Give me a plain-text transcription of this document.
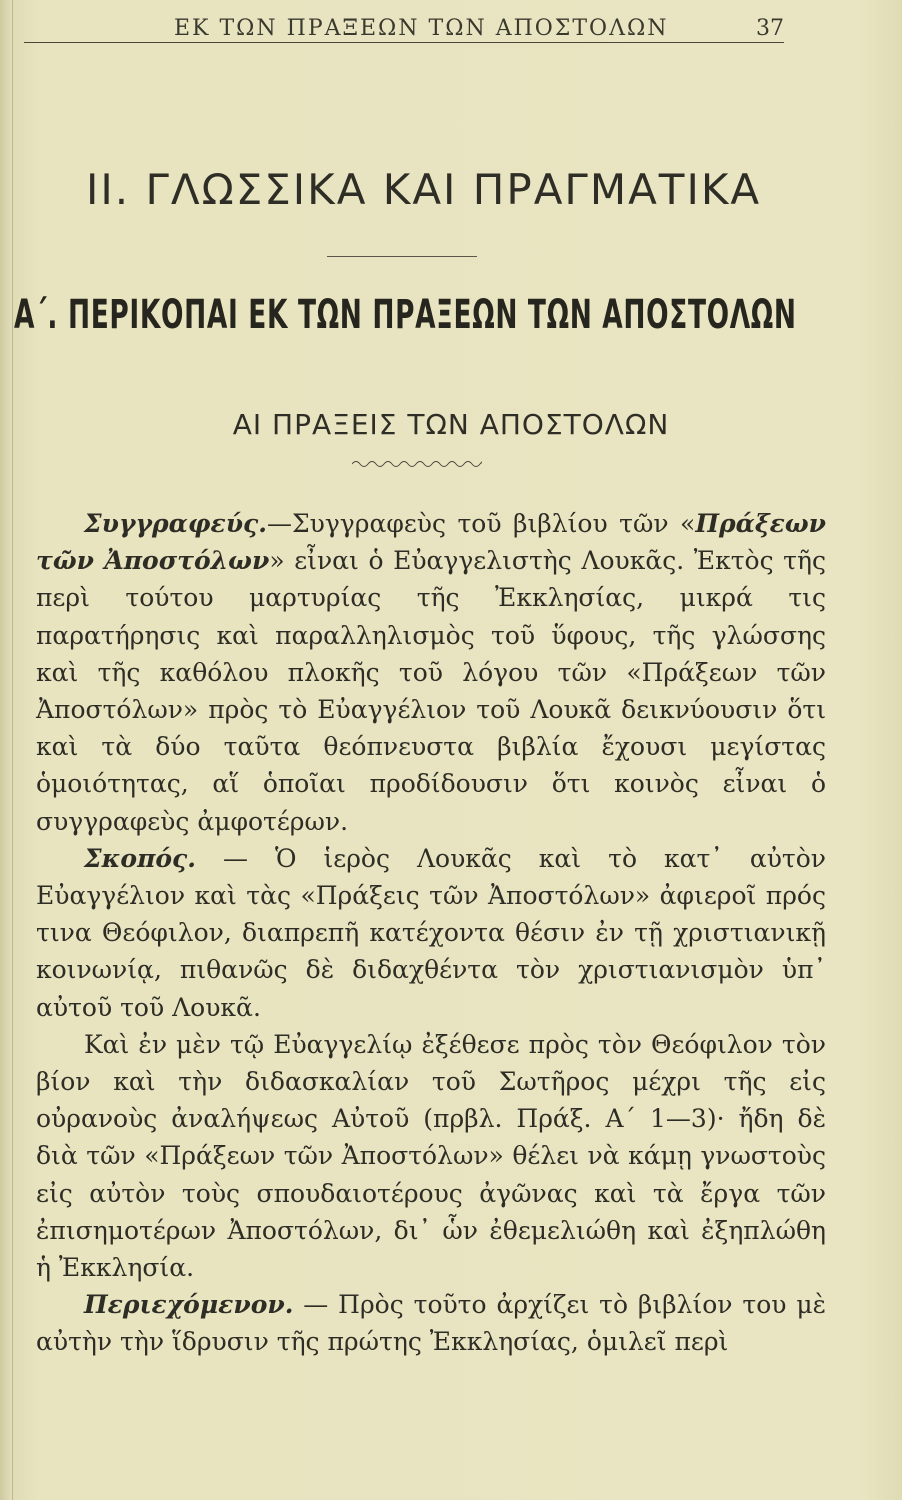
ΕΚ ΤΩΝ ΠΡΑΞΕΩΝ ΤΩΝ ΑΠΟΣΤΟΛΩΝ	37
II. ΓΛΩΣΣΙΚΑ ΚΑΙ ΠΡΑΓΜΑΤΙΚΑ
Α΄. ΠΕΡΙΚΟΠΑΙ ΕΚ ΤΩΝ ΠΡΑΞΕΩΝ ΤΩΝ ΑΠΟΣΤΟΛΩΝ
ΑΙ ΠΡΑΞΕΙΣ ΤΩΝ ΑΠΟΣΤΟΛΩΝ

Συγγραφεύς.—Συγγραφεὺς τοῦ βιβλίου τῶν «Πράξεων τῶν Ἀποστόλων» εἶναι ὁ Εὐαγγελιστὴς Λουκᾶς. Ἐκτὸς τῆς περὶ τούτου μαρτυρίας τῆς Ἐκκλησίας, μικρά τις παρατήρησις καὶ παραλληλισμὸς τοῦ ὕφους, τῆς γλώσσης καὶ τῆς καθόλου πλοκῆς τοῦ λόγου τῶν «Πράξεων τῶν Ἀποστόλων» πρὸς τὸ Εὐαγγέλιον τοῦ Λουκᾶ δεικνύουσιν ὅτι καὶ τὰ δύο ταῦτα θεόπνευστα βιβλία ἔχουσι μεγίστας ὁμοιότητας, αἵ ὁποῖαι προδίδουσιν ὅτι κοινὸς εἶναι ὁ συγγραφεὺς ἀμφοτέρων.

Σκοπός. — Ὁ ἱερὸς Λουκᾶς καὶ τὸ κατ᾽ αὐτὸν Εὐαγγέλιον καὶ τὰς «Πράξεις τῶν Ἀποστόλων» ἀφιεροῖ πρός τινα Θεόφιλον, διαπρεπῆ κατέχοντα θέσιν ἐν τῇ χριστιανικῇ κοινωνίᾳ, πιθανῶς δὲ διδαχθέντα τὸν χριστιανισμὸν ὑπ᾽ αὐτοῦ τοῦ Λουκᾶ.

Καὶ ἐν μὲν τῷ Εὐαγγελίῳ ἐξέθεσε πρὸς τὸν Θεόφιλον τὸν βίον καὶ τὴν διδασκαλίαν τοῦ Σωτῆρος μέχρι τῆς εἰς οὐρανοὺς ἀναλήψεως Αὐτοῦ (πρβλ. Πράξ. Α΄ 1—3)· ἤδη δὲ διὰ τῶν «Πράξεων τῶν Ἀποστόλων» θέλει νὰ κάμῃ γνωστοὺς εἰς αὐτὸν τοὺς σπουδαιοτέρους ἀγῶνας καὶ τὰ ἔργα τῶν ἐπισημοτέρων Ἀποστόλων, δι᾽ ὧν ἐθεμελιώθη καὶ ἐξηπλώθη ἡ Ἐκκλησία.

Περιεχόμενον. — Πρὸς τοῦτο ἀρχίζει τὸ βιβλίον του μὲ αὐτὴν τὴν ἵδρυσιν τῆς πρώτης Ἐκκλησίας, ὁμιλεῖ περὶ
